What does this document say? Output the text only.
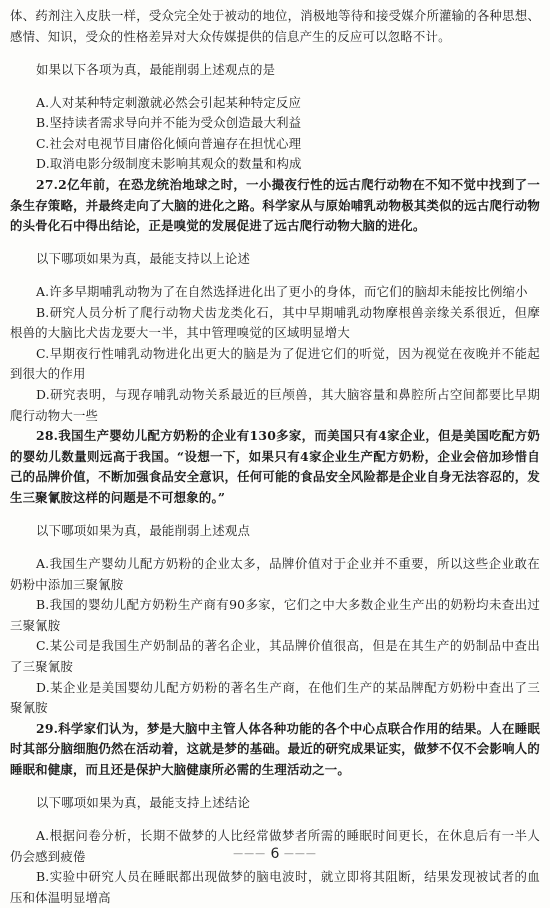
体、药剂注入皮肤一样，受众完全处于被动的地位，消极地等待和接受媒介所灌输的各种思想、感情、知识，受众的性格差异对大众传媒提供的信息产生的反应可以忽略不计。

如果以下各项为真，最能削弱上述观点的是

A.人对某种特定刺激就必然会引起某种特定反应

B.坚持读者需求导向并不能为受众创造最大利益

C.社会对电视节目庸俗化倾向普遍存在担忧心理

D.取消电影分级制度未影响其观众的数量和构成

27.2亿年前，在恐龙统治地球之时，一小撮夜行性的远古爬行动物在不知不觉中找到了一条生存策略，并最终走向了大脑的进化之路。科学家从与原始哺乳动物极其类似的远古爬行动物的头骨化石中得出结论，正是嗅觉的发展促进了远古爬行动物大脑的进化。

以下哪项如果为真，最能支持以上论述

A.许多早期哺乳动物为了在自然选择进化出了更小的身体，而它们的脑却未能按比例缩小

B.研究人员分析了爬行动物犬齿龙类化石，其中早期哺乳动物摩根兽亲缘关系很近，但摩根兽的大脑比犬齿龙要大一半，其中管理嗅觉的区域明显增大

C.早期夜行性哺乳动物进化出更大的脑是为了促进它们的听觉，因为视觉在夜晚并不能起到很大的作用

D.研究表明，与现存哺乳动物关系最近的巨颅兽，其大脑容量和鼻腔所占空间都要比早期爬行动物大一些

28.我国生产婴幼儿配方奶粉的企业有130多家，而美国只有4家企业，但是美国吃配方奶的婴幼儿数量则远高于我国。“设想一下，如果只有4家企业生产配方奶粉，企业会倍加珍惜自己的品牌价值，不断加强食品安全意识，任何可能的食品安全风险都是企业自身无法容忍的，发生三聚氰胺这样的问题是不可想象的。”

以下哪项如果为真，最能削弱上述观点

A.我国生产婴幼儿配方奶粉的企业太多，品牌价值对于企业并不重要，所以这些企业敢在奶粉中添加三聚氰胺

B.我国的婴幼儿配方奶粉生产商有90多家，它们之中大多数企业生产出的奶粉均未查出过三聚氰胺

C.某公司是我国生产奶制品的著名企业，其品牌价值很高，但是在其生产的奶制品中查出了三聚氰胺

D.某企业是美国婴幼儿配方奶粉的著名生产商，在他们生产的某品牌配方奶粉中查出了三聚氰胺

29.科学家们认为，梦是大脑中主管人体各种功能的各个中心点联合作用的结果。人在睡眠时其部分脑细胞仍然在活动着，这就是梦的基础。最近的研究成果证实，做梦不仅不会影响人的睡眠和健康，而且还是保护大脑健康所必需的生理活动之一。

以下哪项如果为真，最能支持上述结论

A.根据问卷分析，长期不做梦的人比经常做梦者所需的睡眠时间更长，在休息后有一半人仍会感到疲倦

B.实验中研究人员在睡眠都出现做梦的脑电波时，就立即将其阻断，结果发现被试者的血压和体温明显增高

——— 6 ———
